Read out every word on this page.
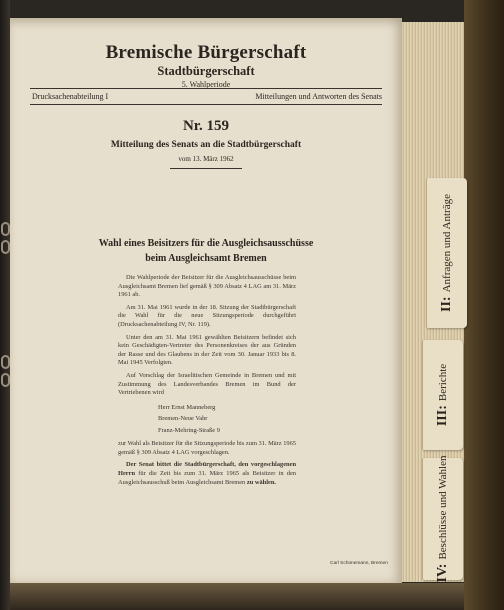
II:Anfragen und Anträge
III:Berichte
IV:Beschlüsse und Wahlen
Bremische Bürgerschaft
Stadtbürgerschaft
5. Wahlperiode
Drucksachenabteilung I	Mitteilungen und Antworten des Senats
Nr. 159
Mitteilung des Senats an die Stadtbürgerschaft
vom 13. März 1962
Wahl eines Beisitzers für die Ausgleichsausschüsse
beim Ausgleichsamt Bremen

Die Wahlperiode der Beisitzer für die Ausgleichsausschüsse beim Ausgleichsamt Bremen lief gemäß § 309 Absatz 4 LAG am 31. März 1961 ab.

Am 31. Mai 1961 wurde in der 18. Sitzung der Stadtbürgerschaft die Wahl für die neue Sitzungsperiode durchgeführt (Drucksachenabteilung IV, Nr. 119).

Unter den am 31. Mai 1961 gewählten Beisitzern befindet sich kein Geschädigten-Vertreter des Personenkreises der aus Gründen der Rasse und des Glaubens in der Zeit vom 30. Januar 1933 bis 8. Mai 1945 Verfolgten.

Auf Vorschlag der Israelitischen Gemeinde in Bremen und mit Zustimmung des Landesverbandes Bremen im Bund der Vertriebenen wird

Herr Ernst Manneberg

Bremen-Neue Vahr

Franz-Mehring-Straße 9

zur Wahl als Beisitzer für die Sitzungsperiode bis zum 31. März 1965 gemäß § 309 Absatz 4 LAG vorgeschlagen.

Der Senat bittet die Stadtbürgerschaft, den vorgeschlagenen Herrn für die Zeit bis zum 31. März 1965 als Beisitzer in den Ausgleichsausschuß beim Ausgleichsamt Bremen zu wählen.

Carl Schünemann, Bremen
